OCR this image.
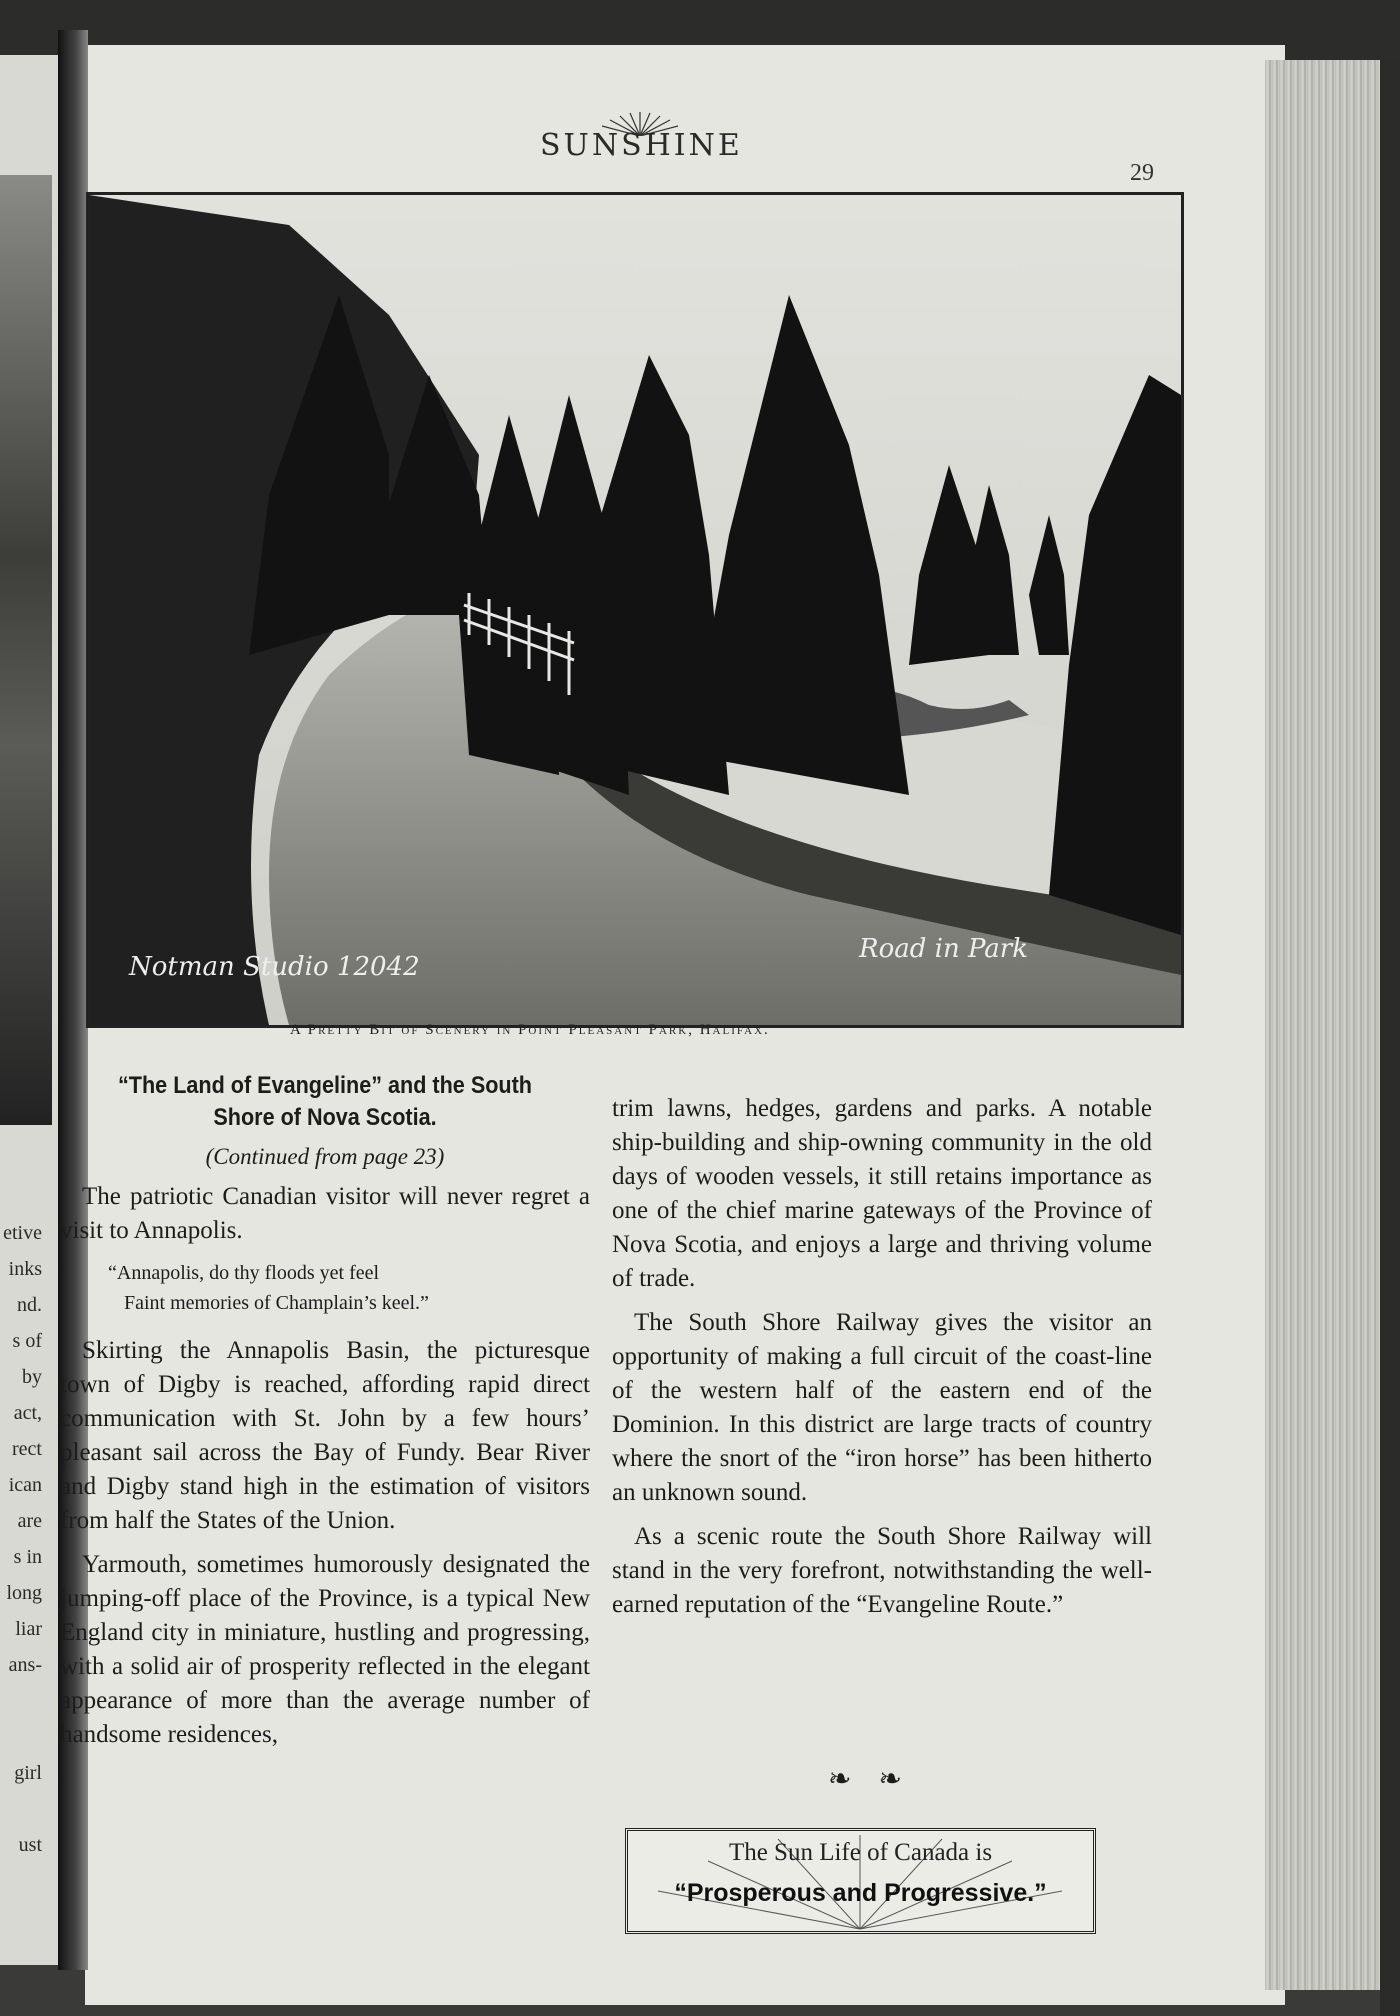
etive
inks
nd.
s of
by
act,
rect
ican
are
s in
long
liar
ans-

girl

ust
SUNSHINE
29
Notman Studio 12042
Road in Park
A Pretty Bit of Scenery in Point Pleasant Park, Halifax.
“The Land of Evangeline” and the South Shore of Nova Scotia.
(Continued from page 23)

The patriotic Canadian visitor will never regret a visit to Annapolis.

“Annapolis, do thy floods yet feel
Faint memories of Champlain’s keel.”

Skirting the Annapolis Basin, the picturesque town of Digby is reached, affording rapid direct communication with St. John by a few hours’ pleasant sail across the Bay of Fundy. Bear River and Digby stand high in the estimation of visitors from half the States of the Union.

Yarmouth, sometimes humorously designated the jumping-off place of the Province, is a typical New England city in miniature, hustling and progressing, with a solid air of prosperity reflected in the elegant appearance of more than the average number of handsome residences,

trim lawns, hedges, gardens and parks. A notable ship-building and ship-owning community in the old days of wooden vessels, it still retains importance as one of the chief marine gateways of the Province of Nova Scotia, and enjoys a large and thriving volume of trade.

The South Shore Railway gives the visitor an opportunity of making a full circuit of the coast-line of the western half of the eastern end of the Dominion. In this district are large tracts of country where the snort of the “iron horse” has been hitherto an unknown sound.

As a scenic route the South Shore Railway will stand in the very forefront, notwithstanding the well-earned reputation of the “Evangeline Route.”

❧ ❧
The Sun Life of Canada is
“Prosperous and Progressive.”
